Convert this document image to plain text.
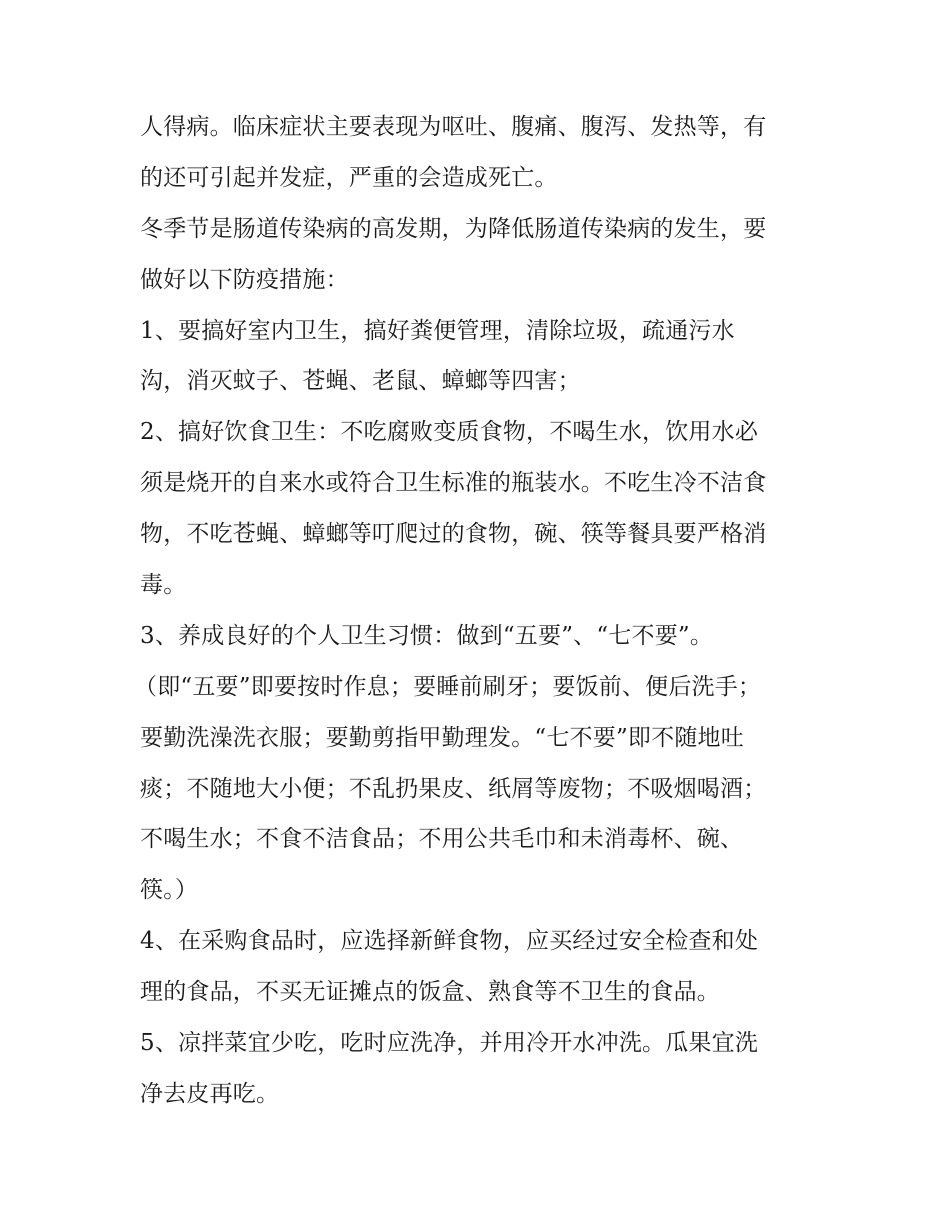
人得病。临床症状主要表现为呕吐、腹痛、腹泻、发热等，有
的还可引起并发症，严重的会造成死亡。
冬季节是肠道传染病的高发期，为降低肠道传染病的发生，要
做好以下防疫措施：
1、要搞好室内卫生，搞好粪便管理，清除垃圾，疏通污水
沟，消灭蚊子、苍蝇、老鼠、蟑螂等四害；
2、搞好饮食卫生：不吃腐败变质食物，不喝生水，饮用水必
须是烧开的自来水或符合卫生标准的瓶装水。不吃生冷不洁食
物，不吃苍蝇、蟑螂等叮爬过的食物，碗、筷等餐具要严格消
毒。
3、养成良好的个人卫生习惯：做到“五要”、“七不要”。
（即“五要”即要按时作息；要睡前刷牙；要饭前、便后洗手；
要勤洗澡洗衣服；要勤剪指甲勤理发。“七不要”即不随地吐
痰；不随地大小便；不乱扔果皮、纸屑等废物；不吸烟喝酒；
不喝生水；不食不洁食品；不用公共毛巾和未消毒杯、碗、
筷。）
4、在采购食品时，应选择新鲜食物，应买经过安全检查和处
理的食品，不买无证摊点的饭盒、熟食等不卫生的食品。
5、凉拌菜宜少吃，吃时应洗净，并用冷开水冲洗。瓜果宜洗
净去皮再吃。
